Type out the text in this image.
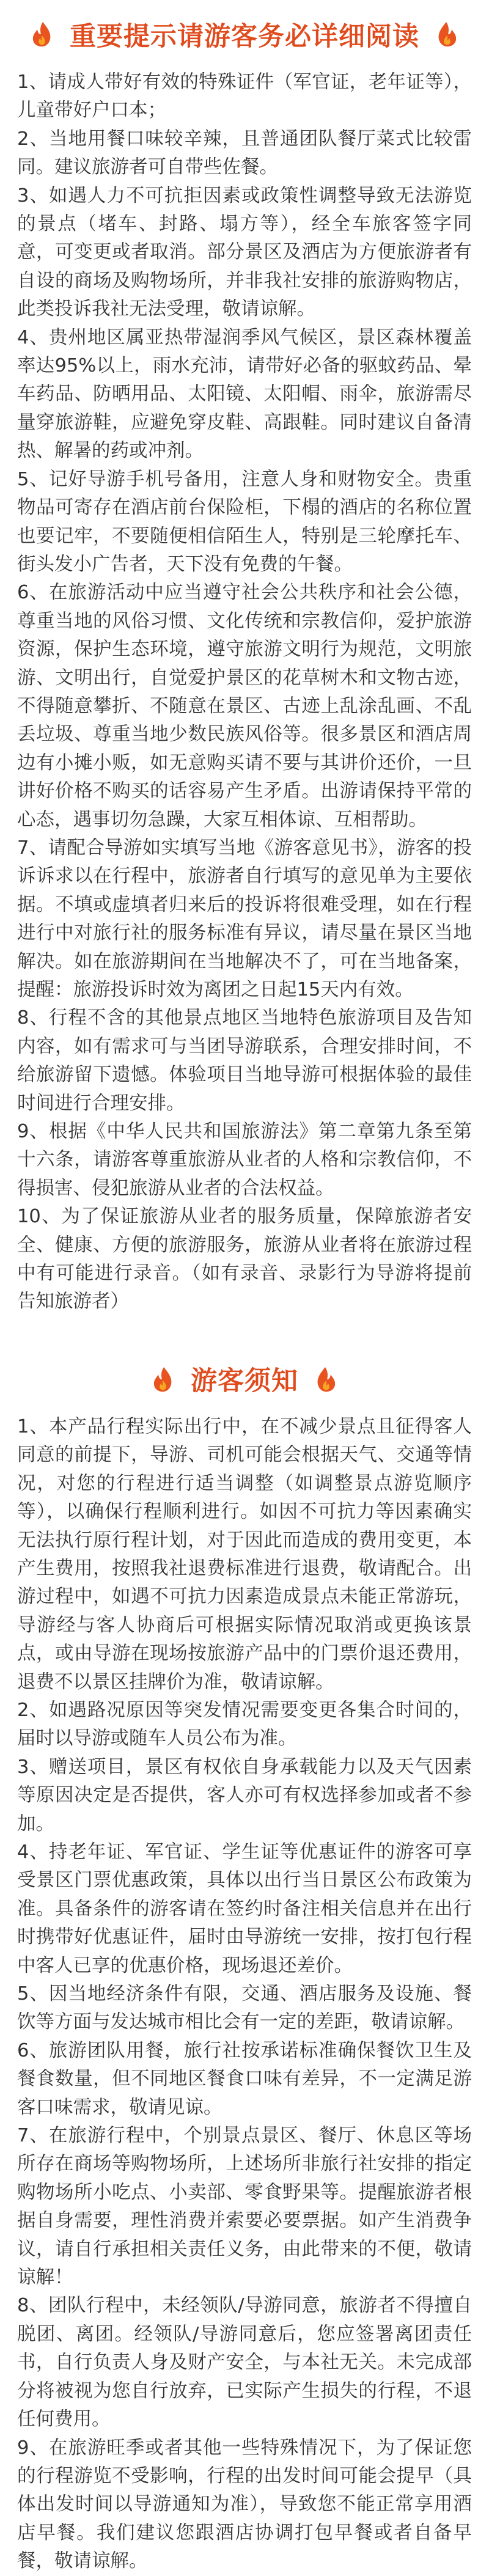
重要提示请游客务必详细阅读

1、请成人带好有效的特殊证件（军官证，老年证等），儿童带好户口本；

2、当地用餐口味较辛辣，且普通团队餐厅菜式比较雷同。建议旅游者可自带些佐餐。

3、如遇人力不可抗拒因素或政策性调整导致无法游览的景点（堵车、封路、塌方等），经全车旅客签字同意，可变更或者取消。部分景区及酒店为方便旅游者有自设的商场及购物场所，并非我社安排的旅游购物店，此类投诉我社无法受理，敬请谅解。

4、贵州地区属亚热带湿润季风气候区，景区森林覆盖率达95%以上，雨水充沛，请带好必备的驱蚊药品、晕车药品、防晒用品、太阳镜、太阳帽、雨伞，旅游需尽量穿旅游鞋，应避免穿皮鞋、高跟鞋。同时建议自备清热、解暑的药或冲剂。

5、记好导游手机号备用，注意人身和财物安全。贵重物品可寄存在酒店前台保险柜，下榻的酒店的名称位置也要记牢，不要随便相信陌生人，特别是三轮摩托车、街头发小广告者，天下没有免费的午餐。

6、在旅游活动中应当遵守社会公共秩序和社会公德，尊重当地的风俗习惯、文化传统和宗教信仰，爱护旅游资源，保护生态环境，遵守旅游文明行为规范，文明旅游、文明出行，自觉爱护景区的花草树木和文物古迹，不得随意攀折、不随意在景区、古迹上乱涂乱画、不乱丢垃圾、尊重当地少数民族风俗等。很多景区和酒店周边有小摊小贩，如无意购买请不要与其讲价还价，一旦讲好价格不购买的话容易产生矛盾。出游请保持平常的心态，遇事切勿急躁，大家互相体谅、互相帮助。

7、请配合导游如实填写当地《游客意见书》，游客的投诉诉求以在行程中，旅游者自行填写的意见单为主要依据。不填或虚填者归来后的投诉将很难受理，如在行程进行中对旅行社的服务标准有异议，请尽量在景区当地解决。如在旅游期间在当地解决不了，可在当地备案，提醒：旅游投诉时效为离团之日起15天内有效。

8、行程不含的其他景点地区当地特色旅游项目及告知内容，如有需求可与当团导游联系，合理安排时间，不给旅游留下遗憾。体验项目当地导游可根据体验的最佳时间进行合理安排。

9、根据《中华人民共和国旅游法》第二章第九条至第十六条，请游客尊重旅游从业者的人格和宗教信仰，不得损害、侵犯旅游从业者的合法权益。

10、为了保证旅游从业者的服务质量，保障旅游者安全、健康、方便的旅游服务，旅游从业者将在旅游过程中有可能进行录音。（如有录音、录影行为导游将提前告知旅游者）

游客须知

1、本产品行程实际出行中，在不减少景点且征得客人同意的前提下，导游、司机可能会根据天气、交通等情况，对您的行程进行适当调整（如调整景点游览顺序等），以确保行程顺利进行。如因不可抗力等因素确实无法执行原行程计划，对于因此而造成的费用变更，本产生费用，按照我社退费标准进行退费，敬请配合。出游过程中，如遇不可抗力因素造成景点未能正常游玩，导游经与客人协商后可根据实际情况取消或更换该景点，或由导游在现场按旅游产品中的门票价退还费用，退费不以景区挂牌价为准，敬请谅解。

2、如遇路况原因等突发情况需要变更各集合时间的，届时以导游或随车人员公布为准。

3、赠送项目，景区有权依自身承载能力以及天气因素等原因决定是否提供，客人亦可有权选择参加或者不参加。

4、持老年证、军官证、学生证等优惠证件的游客可享受景区门票优惠政策，具体以出行当日景区公布政策为准。具备条件的游客请在签约时备注相关信息并在出行时携带好优惠证件，届时由导游统一安排，按打包行程中客人已享的优惠价格，现场退还差价。

5、因当地经济条件有限，交通、酒店服务及设施、餐饮等方面与发达城市相比会有一定的差距，敬请谅解。

6、旅游团队用餐，旅行社按承诺标准确保餐饮卫生及餐食数量，但不同地区餐食口味有差异，不一定满足游客口味需求，敬请见谅。

7、在旅游行程中，个别景点景区、餐厅、休息区等场所存在商场等购物场所，上述场所非旅行社安排的指定购物场所小吃点、小卖部、零食野果等。提醒旅游者根据自身需要，理性消费并索要必要票据。如产生消费争议，请自行承担相关责任义务，由此带来的不便，敬请谅解！

8、团队行程中，未经领队/导游同意，旅游者不得擅自脱团、离团。经领队/导游同意后，您应签署离团责任书，自行负责人身及财产安全，与本社无关。未完成部分将被视为您自行放弃，已实际产生损失的行程，不退任何费用。

9、在旅游旺季或者其他一些特殊情况下，为了保证您的行程游览不受影响，行程的出发时间可能会提早（具体出发时间以导游通知为准），导致您不能正常享用酒店早餐。我们建议您跟酒店协调打包早餐或者自备早餐，敬请谅解。
